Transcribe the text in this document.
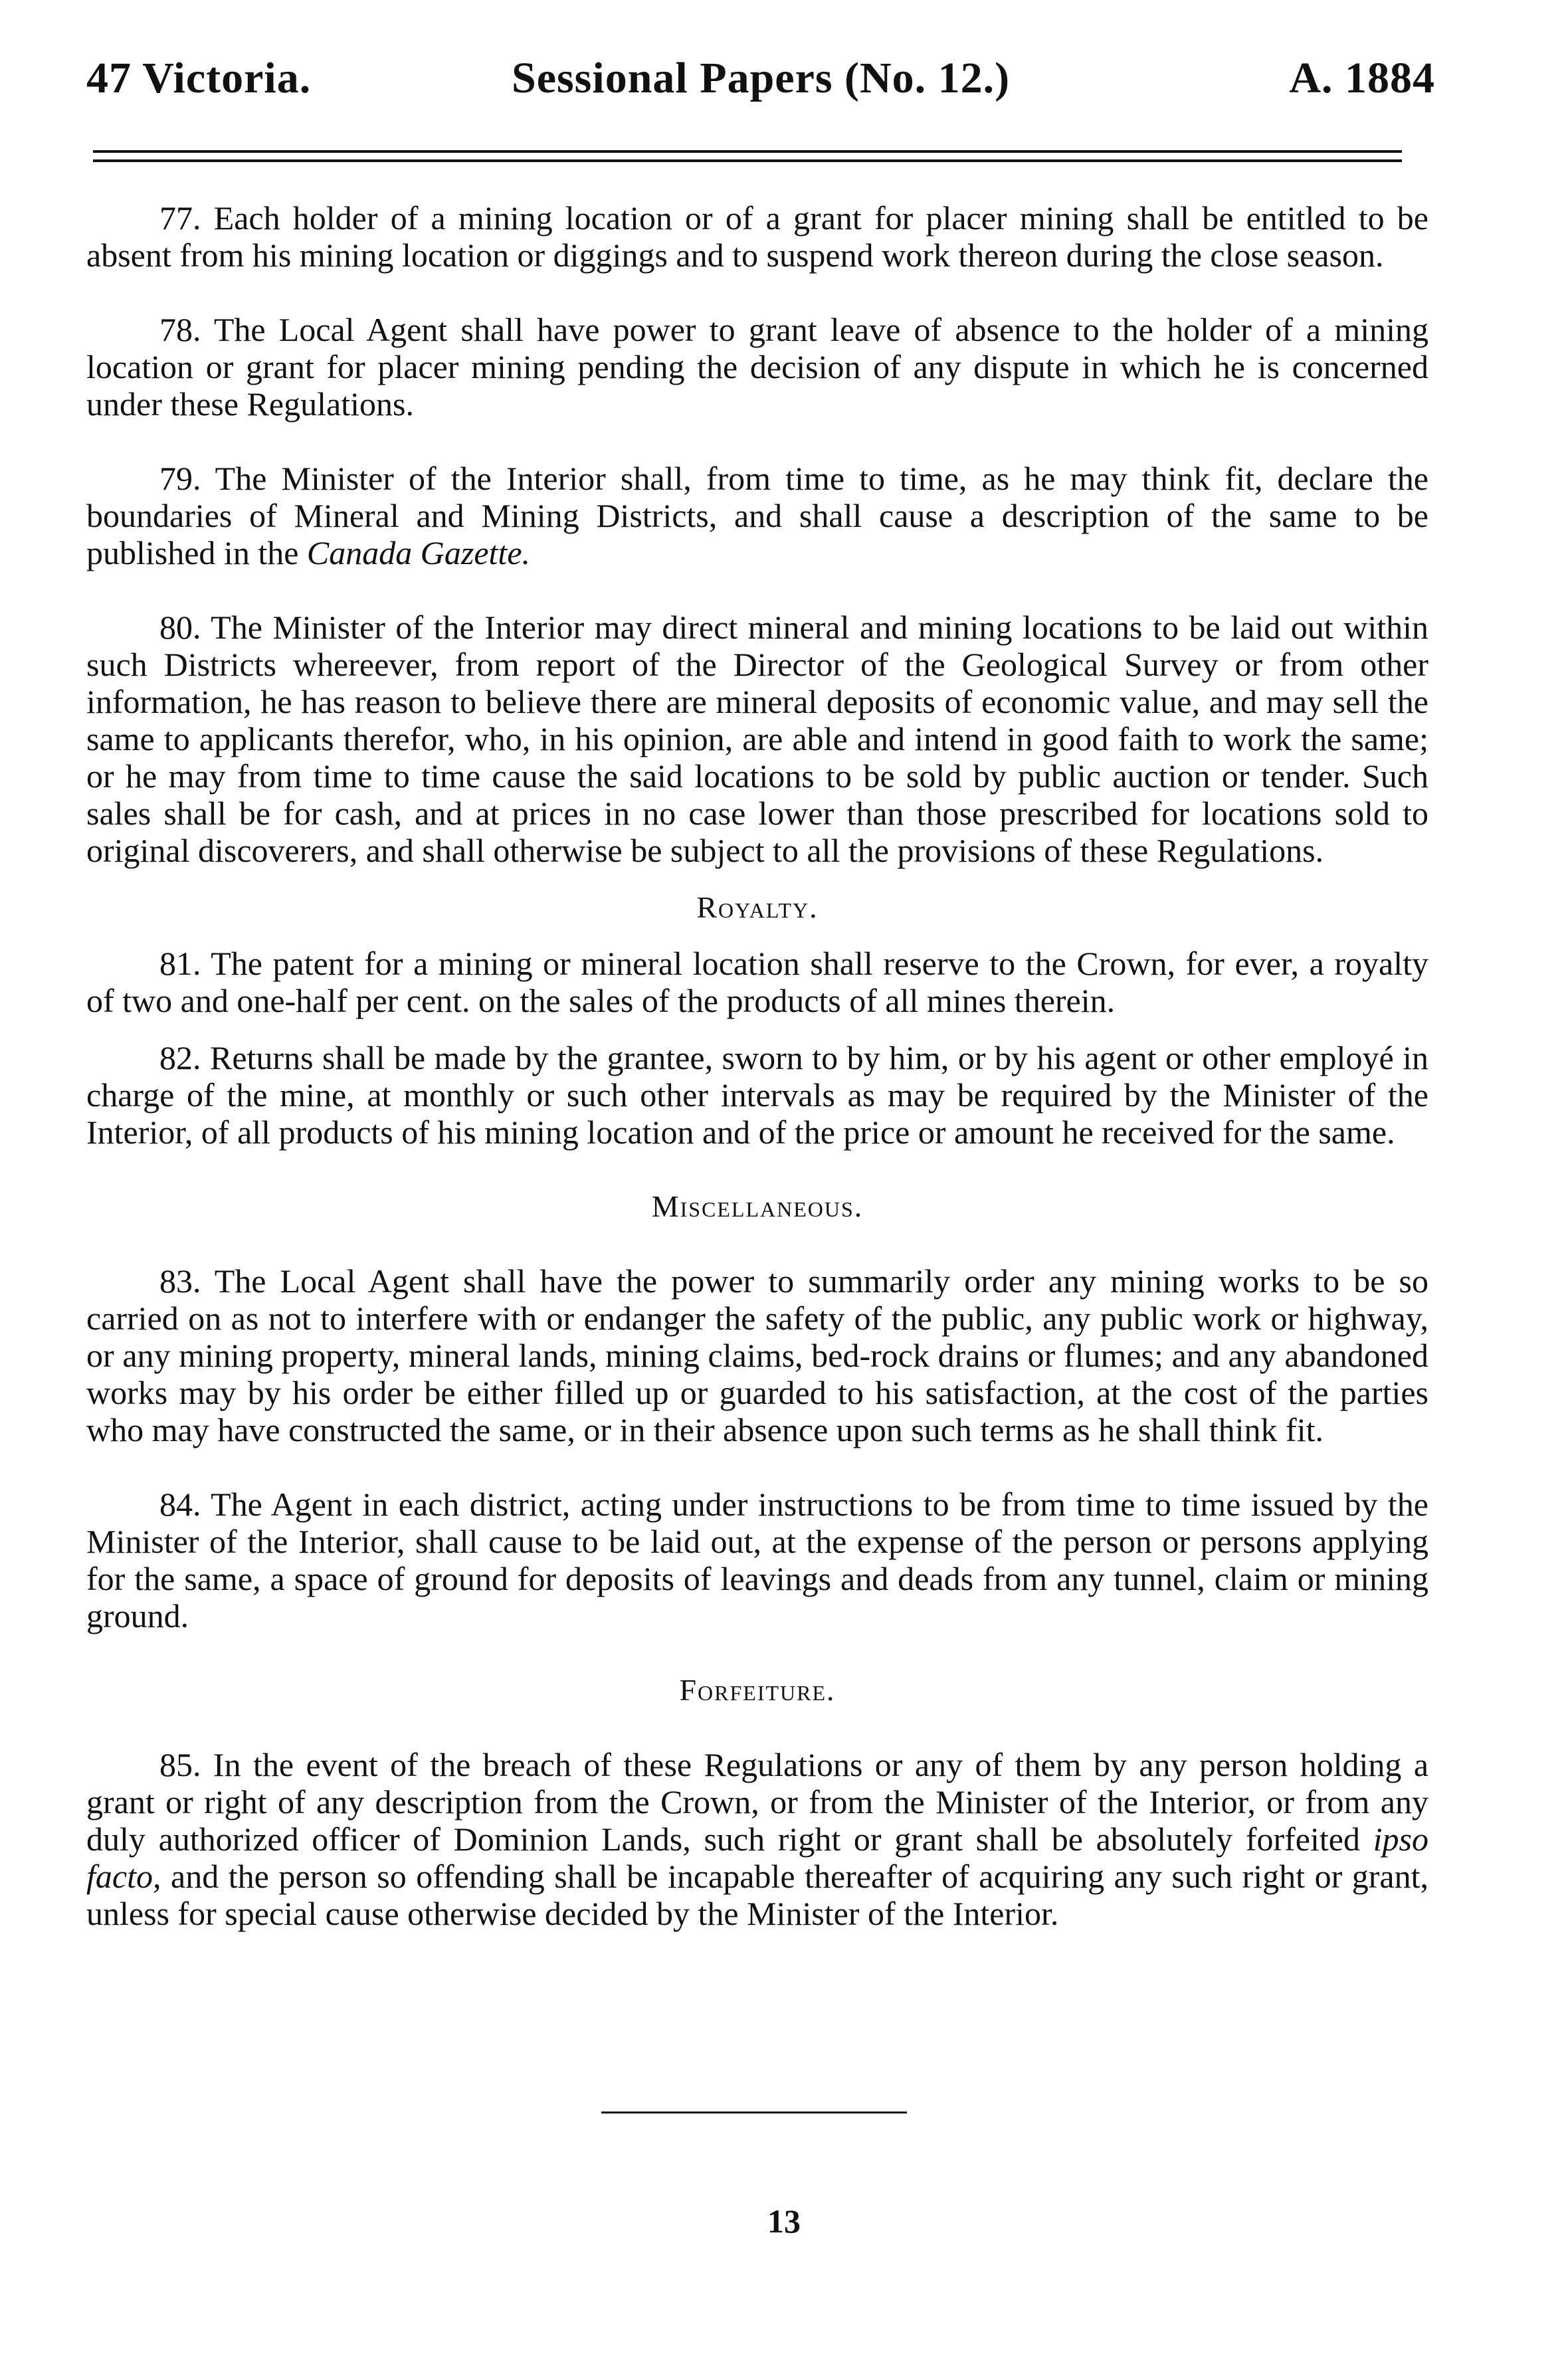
47 Victoria.	Sessional Papers (No. 12.)	A. 1884

77. Each holder of a mining location or of a grant for placer mining shall be entitled to be absent from his mining location or diggings and to suspend work thereon during the close season.

78. The Local Agent shall have power to grant leave of absence to the holder of a mining location or grant for placer mining pending the decision of any dispute in which he is concerned under these Regulations.

79. The Minister of the Interior shall, from time to time, as he may think fit, declare the boundaries of Mineral and Mining Districts, and shall cause a description of the same to be published in the Canada Gazette.

80. The Minister of the Interior may direct mineral and mining locations to be laid out within such Districts whereever, from report of the Director of the Geological Survey or from other information, he has reason to believe there are mineral deposits of economic value, and may sell the same to applicants therefor, who, in his opinion, are able and intend in good faith to work the same; or he may from time to time cause the said locations to be sold by public auction or tender. Such sales shall be for cash, and at prices in no case lower than those prescribed for locations sold to original discoverers, and shall otherwise be subject to all the provisions of these Regulations.

Royalty.

81. The patent for a mining or mineral location shall reserve to the Crown, for ever, a royalty of two and one-half per cent. on the sales of the products of all mines therein.

82. Returns shall be made by the grantee, sworn to by him, or by his agent or other employé in charge of the mine, at monthly or such other intervals as may be required by the Minister of the Interior, of all products of his mining location and of the price or amount he received for the same.

Miscellaneous.

83. The Local Agent shall have the power to summarily order any mining works to be so carried on as not to interfere with or endanger the safety of the public, any public work or highway, or any mining property, mineral lands, mining claims, bed-rock drains or flumes; and any abandoned works may by his order be either filled up or guarded to his satisfaction, at the cost of the parties who may have constructed the same, or in their absence upon such terms as he shall think fit.

84. The Agent in each district, acting under instructions to be from time to time issued by the Minister of the Interior, shall cause to be laid out, at the expense of the person or persons applying for the same, a space of ground for deposits of leavings and deads from any tunnel, claim or mining ground.

Forfeiture.

85. In the event of the breach of these Regulations or any of them by any person holding a grant or right of any description from the Crown, or from the Minister of the Interior, or from any duly authorized officer of Dominion Lands, such right or grant shall be absolutely forfeited ipso facto, and the person so offending shall be incapable thereafter of acquiring any such right or grant, unless for special cause otherwise decided by the Minister of the Interior.

13
